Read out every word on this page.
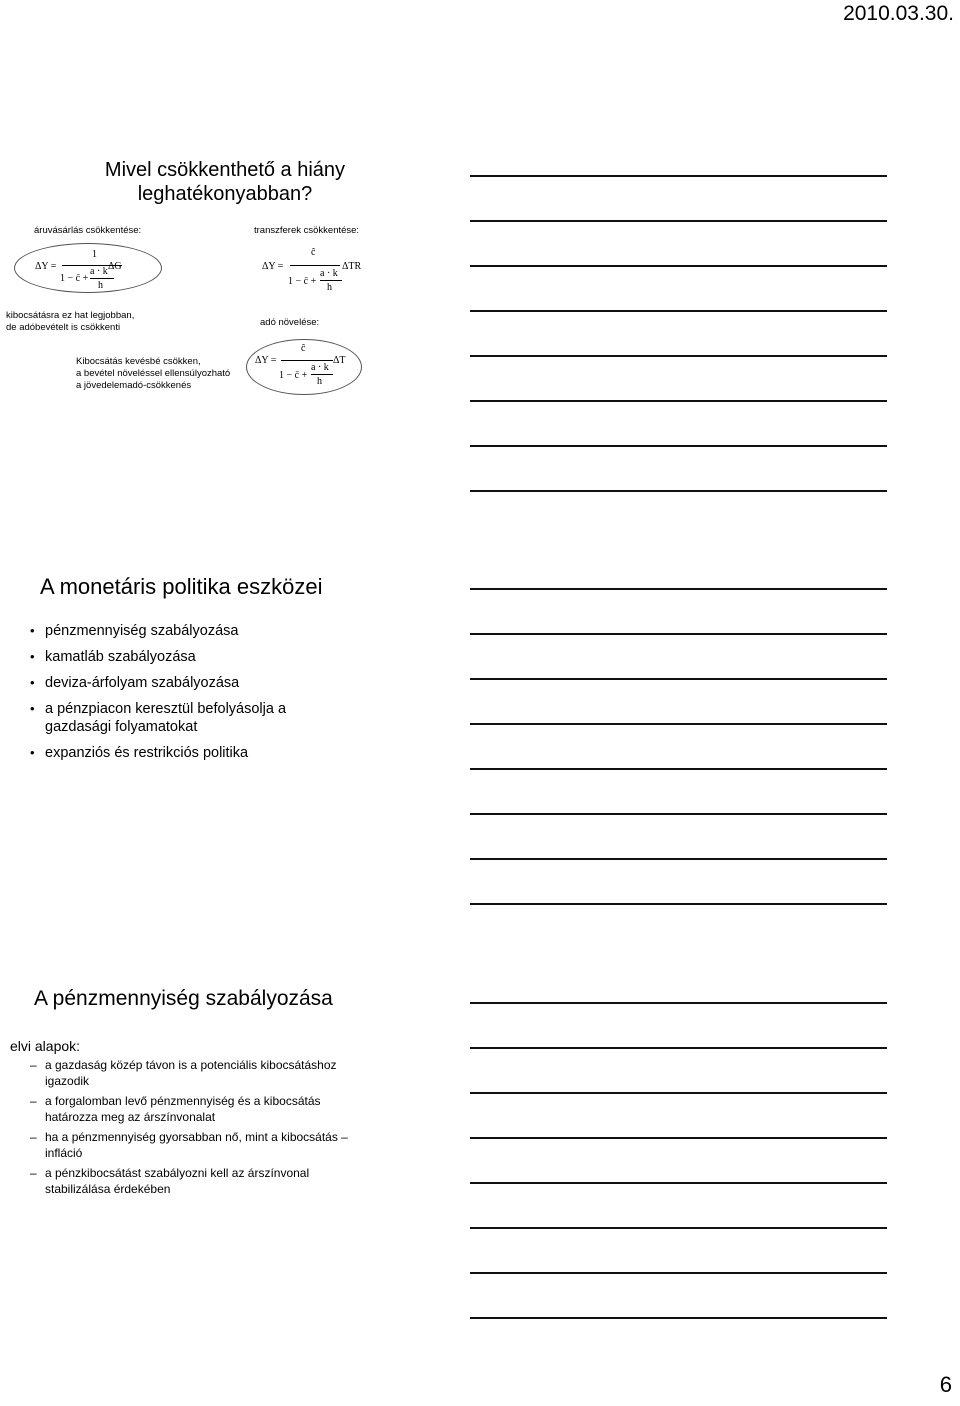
2010.03.30.
Mivel csökkenthető a hiány
leghatékonyabban?
áruvásárlás csökkentése:	transzferek csökkentése:
ΔY =
1
1 − c̄ +
a · k
h
ΔG	ΔY =
ĉ
1 − c̄ +
a · k
h
ΔTR
kibocsátásra ez hat legjobban,
de adóbevételt is csökkenti	adó növelése:
Kibocsátás kevésbé csökken,
a bevétel növeléssel ellensúlyozható
a jövedelemadó-csökkenés
ΔY =
ĉ
1 − c̄ +
a · k
h
ΔT
A monetáris politika eszközei
• pénzmennyiség szabályozása
• kamatláb szabályozása
• deviza-árfolyam szabályozása
• a pénzpiacon keresztül befolyásolja a gazdasági folyamatokat
• expanziós és restrikciós politika
A pénzmennyiség szabályozása
elvi alapok:
– a gazdaság közép távon is a potenciális kibocsátáshoz igazodik
– a forgalomban levő pénzmennyiség és a kibocsátás határozza meg az árszínvonalat
– ha a pénzmennyiség gyorsabban nő, mint a kibocsátás – infláció
– a pénzkibocsátást szabályozni kell az árszínvonal stabilizálása érdekében
6
